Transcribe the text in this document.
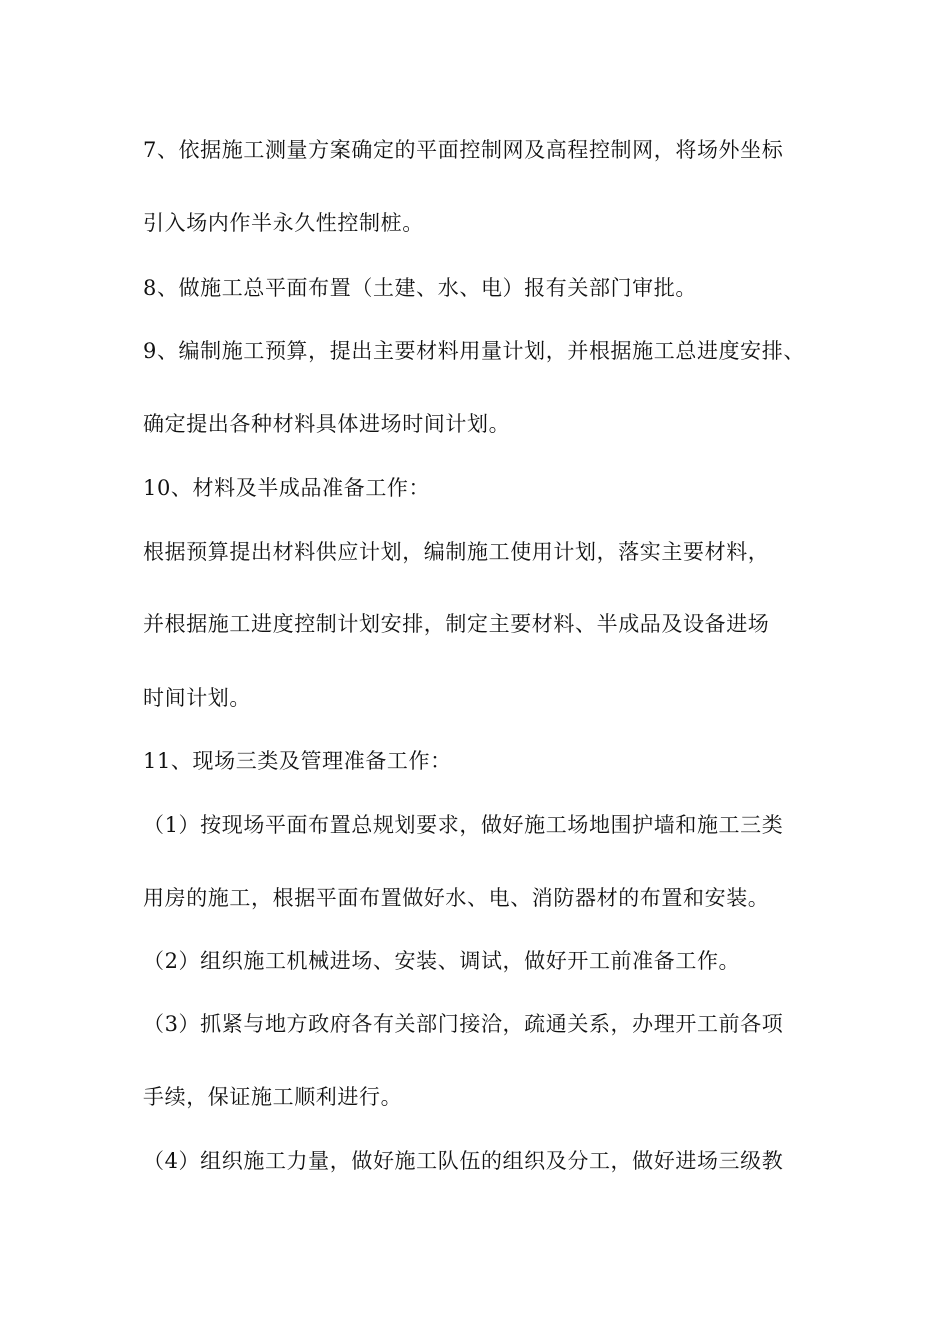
7、依据施工测量方案确定的平面控制网及高程控制网，将场外坐标
引入场内作半永久性控制桩。
8、做施工总平面布置（土建、水、电）报有关部门审批。
9、编制施工预算，提出主要材料用量计划，并根据施工总进度安排、
确定提出各种材料具体进场时间计划。
10、材料及半成品准备工作：
根据预算提出材料供应计划，编制施工使用计划，落实主要材料，
并根据施工进度控制计划安排，制定主要材料、半成品及设备进场
时间计划。
11、现场三类及管理准备工作：
（1）按现场平面布置总规划要求，做好施工场地围护墙和施工三类
用房的施工，根据平面布置做好水、电、消防器材的布置和安装。
（2）组织施工机械进场、安装、调试，做好开工前准备工作。
（3）抓紧与地方政府各有关部门接洽，疏通关系，办理开工前各项
手续，保证施工顺利进行。
（4）组织施工力量，做好施工队伍的组织及分工，做好进场三级教
